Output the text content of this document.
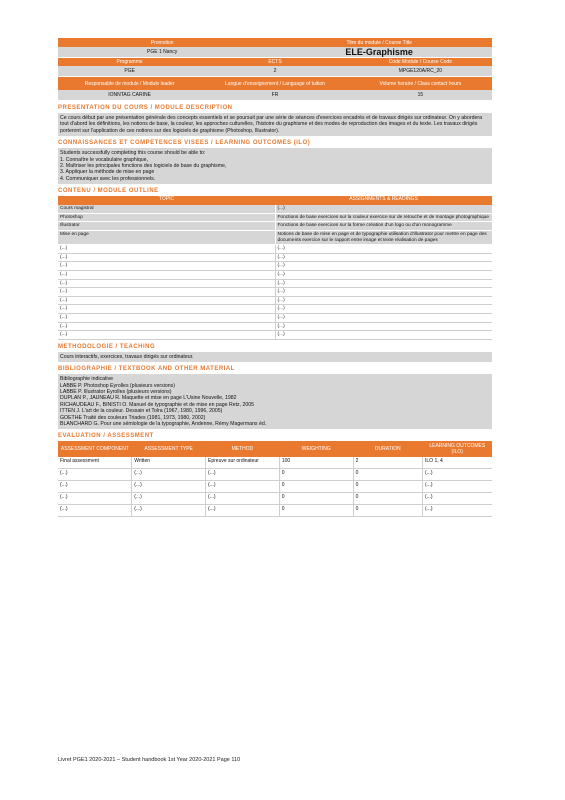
Promotion	Titre du module / Course Title
PGE 1 Nancy	ELE-Graphisme
Programme	ECTS	Code Module / Course Code
PGE	2	MPGE120A/RC_20
Responsable de module / Module leader	Langue d'enseignement / Language of tuition	Volume horaire / Class contact hours
IONNTAG CARINE	FR	15
PRESENTATION DU COURS / MODULE DESCRIPTION

Ce cours début par une présentation générale des concepts essentiels et se poursuit par une série de séances d'exercices encadrés et de travaux dirigés sur ordinateur. On y abordera tout d'abord les définitions, les notions de base, la couleur, les approches culturelles, l'histoire du graphisme et des modes de reproduction des images et du texte. Les travaux dirigés porteront sur l'application de ces notions sur des logiciels de graphisme (Photoshop, Illustrator).

CONNAISSANCES ET COMPETENCES VISEES / LEARNING OUTCOMES (ILO)

Students successfully completing this course should be able to:

1. Connaître le vocabulaire graphique,

2. Maîtriser les principales fonctions des logiciels de base du graphisme,

3. Appliquer la méthode de mise en page

4. Communiquer avec les professionnels.

CONTENU / MODULE OUTLINE
TOPIC	ASSIGNMENTS & READINGS
Cours magistral	(...)
Photoshop	Fonctions de base exercices sur la couleur exercice sur de retouche et de montage photographique
Illustrator	Fonctions de base exercices sur la forme création d'un logo ou d'un monogramme
Mise en page	Notions de base de mise en page et de typographie utilisation d'illustrator pour mettre en page des documents exercice sur le rapport entre image et texte réalisation de pages
(...)	(...)
(...)	(...)
(...)	(...)
(...)	(...)
(...)	(...)
(...)	(...)
(...)	(...)
(...)	(...)
(...)	(...)
(...)	(...)
(...)	(...)
METHODOLOGIE / TEACHING

Cours interactifs, exercices, travaux dirigés sur ordinateur.

BIBLIOGRAPHIE / TEXTBOOK AND OTHER MATERIAL

Bibliographie indicative

LABBE P. Photoshop Eyrolles (plusieurs versions)

LABBE P. Illustrator Eyrolles (plusieurs versions)

DUPLAN P., JAUNEAU R. Maquette et mise en page L'Usine Nouvelle, 1982

RICHAUDEAU F., BINISTI O. Manuel de typographie et de mise en page Retz, 2005

ITTEN J. L'art de la couleur. Dessain et Tolra (1967, 1980, 1996, 2005)

GOETHE Traité des couleurs Triades (1981, 1973, 1980, 2002)

BLANCHARD G. Pour une sémiologie de la typographie, Andenne, Rémy Magermans éd.

EVALUATION / ASSESSMENT
ASSESSMENT COMPONENT	ASSESSMENT TYPE	METHOD	WEIGHTING	DURATION	LEARNING OUTCOMES (ILO)
Final assessment	Written	Epreuve sur ordinateur	100	2	ILO 1, 4
(...)	(...)	(...)	0	0	(...)
(...)	(...)	(...)	0	0	(...)
(...)	(...)	(...)	0	0	(...)
(...)	(...)	(...)	0	0	(...)
Livret PGE1 2020-2021 – Student handbook 1st Year 2020-2021 Page 110
